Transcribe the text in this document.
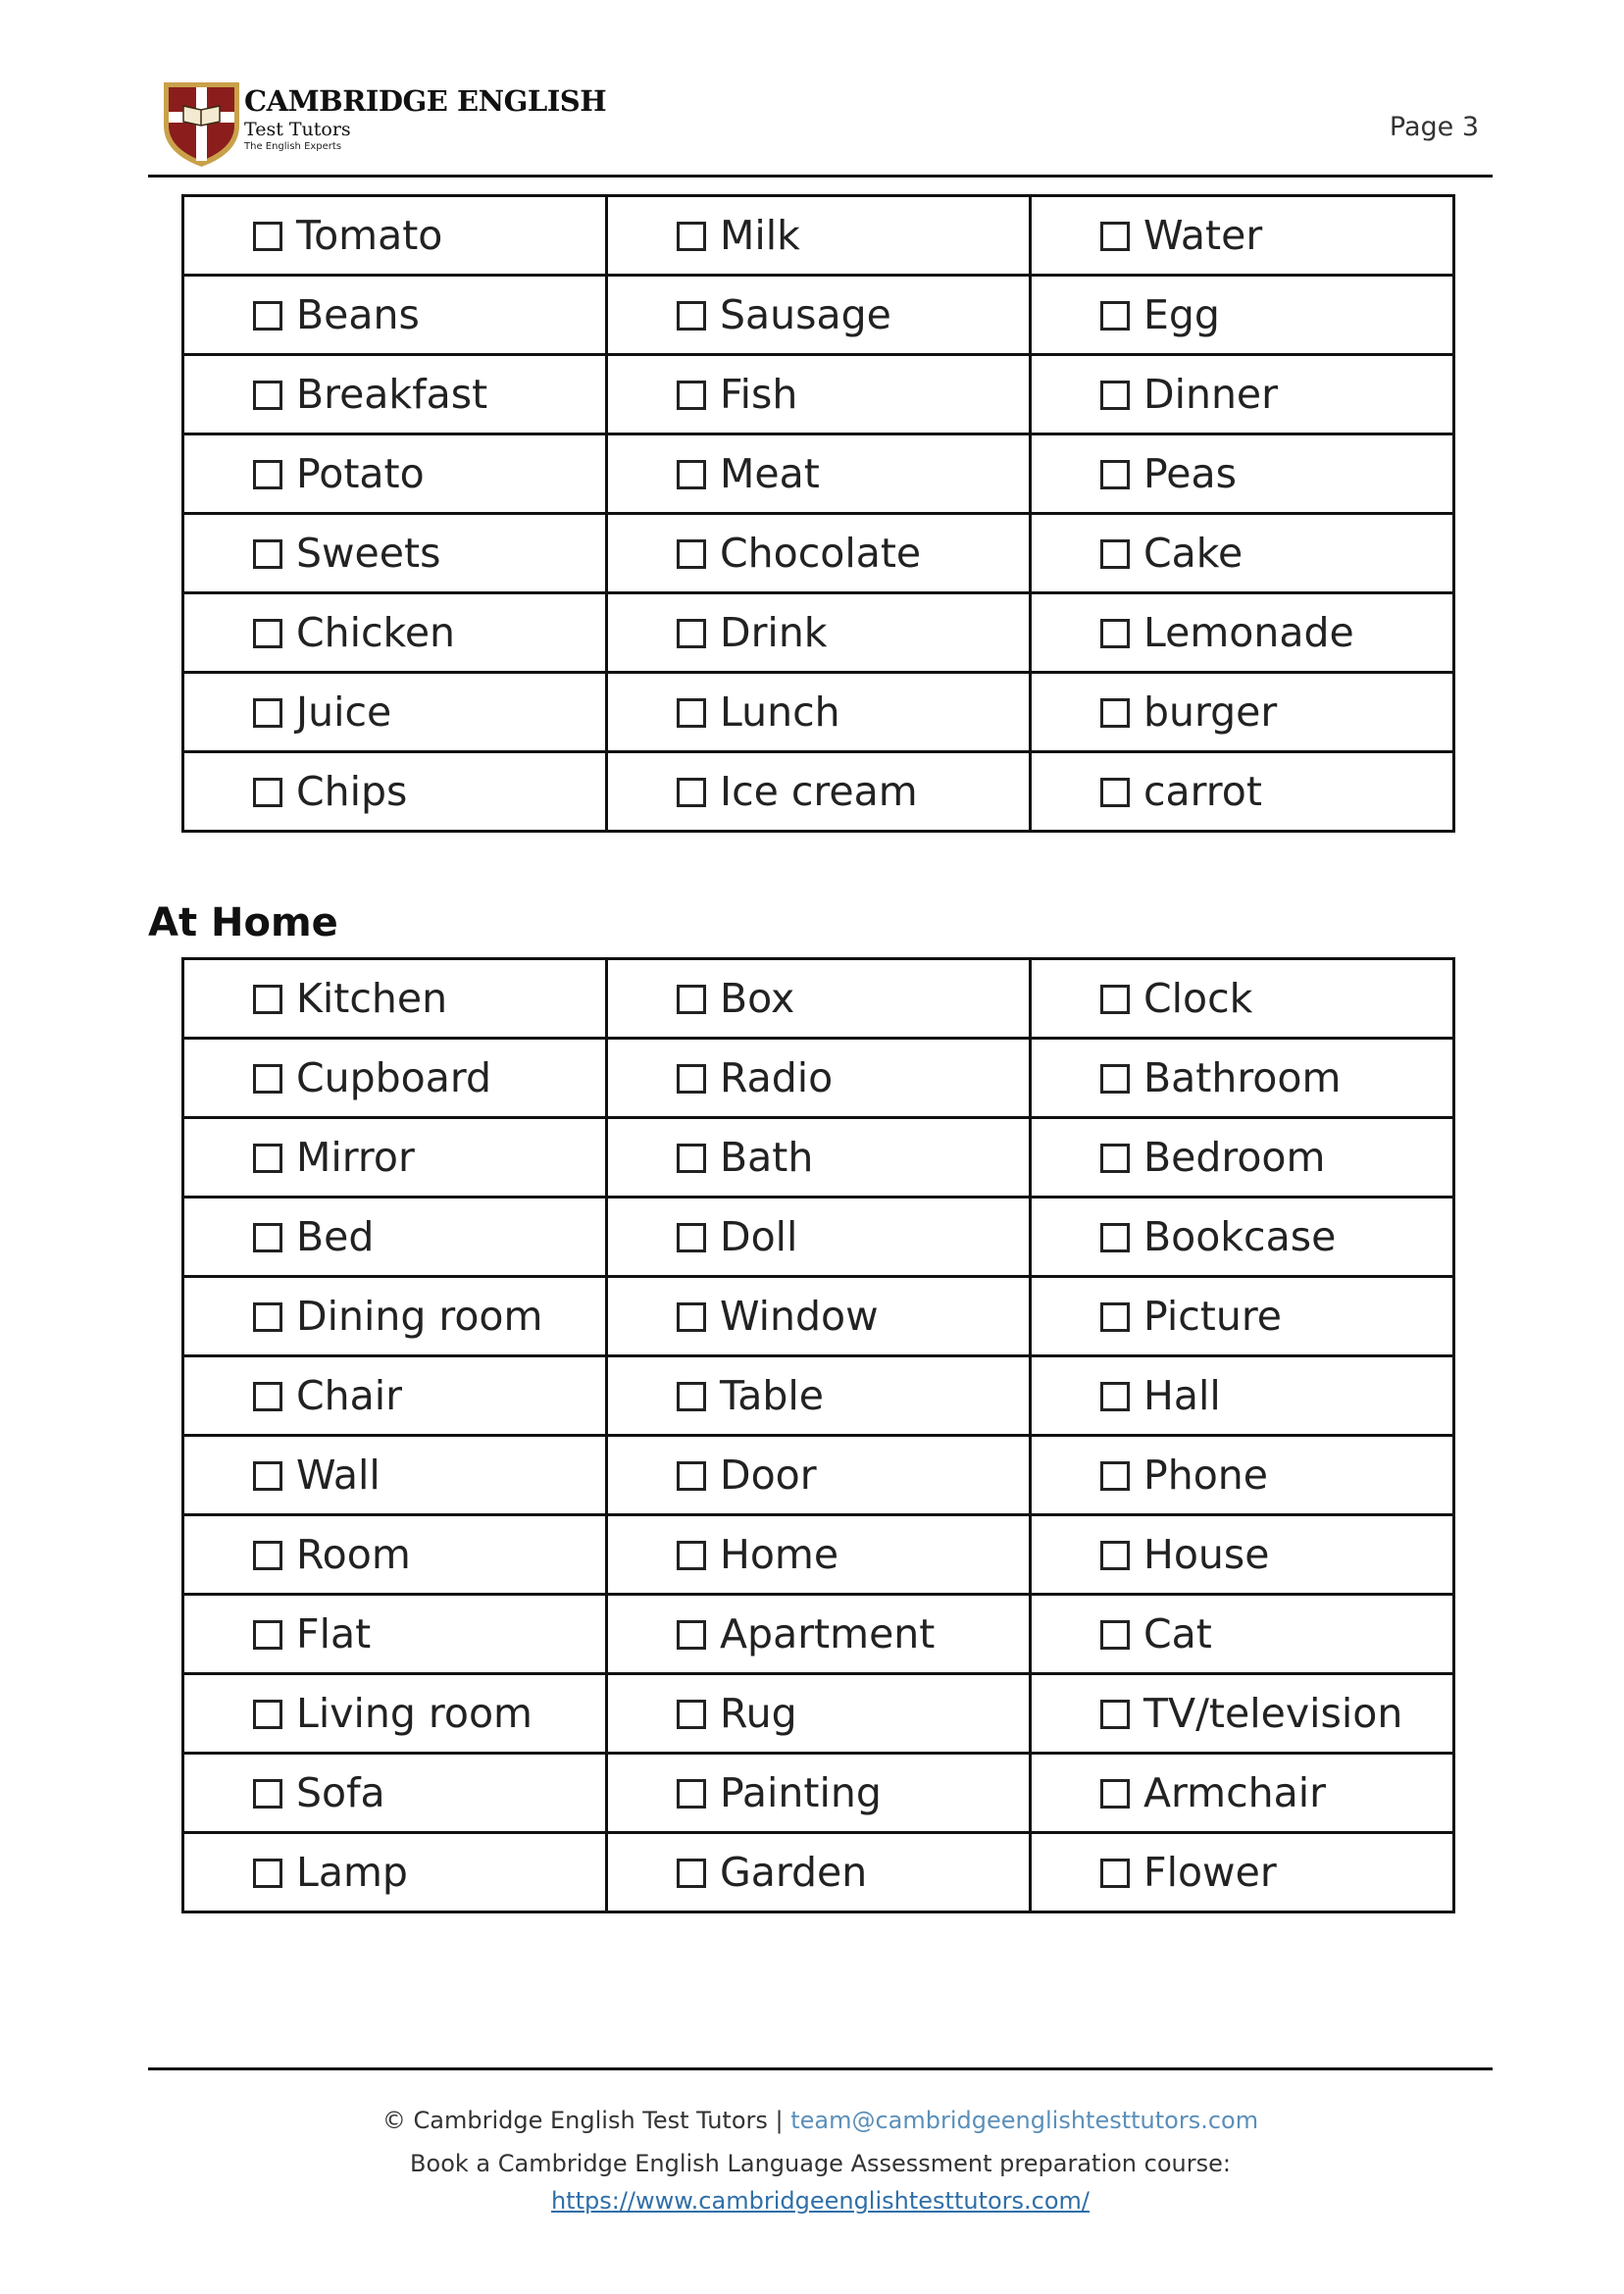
CAMBRIDGE ENGLISH
Test Tutors
The English Experts
Page 3
Tomato	Milk	Water

Beans	Sausage	Egg

Breakfast	Fish	Dinner

Potato	Meat	Peas

Sweets	Chocolate	Cake

Chicken	Drink	Lemonade

Juice	Lunch	burger

Chips	Ice cream	carrot
At Home
Kitchen	Box	Clock

Cupboard	Radio	Bathroom

Mirror	Bath	Bedroom

Bed	Doll	Bookcase

Dining room	Window	Picture

Chair	Table	Hall

Wall	Door	Phone

Room	Home	House

Flat	Apartment	Cat

Living room	Rug	TV/television

Sofa	Painting	Armchair

Lamp	Garden	Flower

© Cambridge English Test Tutors | team@cambridgeenglishtesttutors.com

Book a Cambridge English Language Assessment preparation course:

https://www.cambridgeenglishtesttutors.com/
